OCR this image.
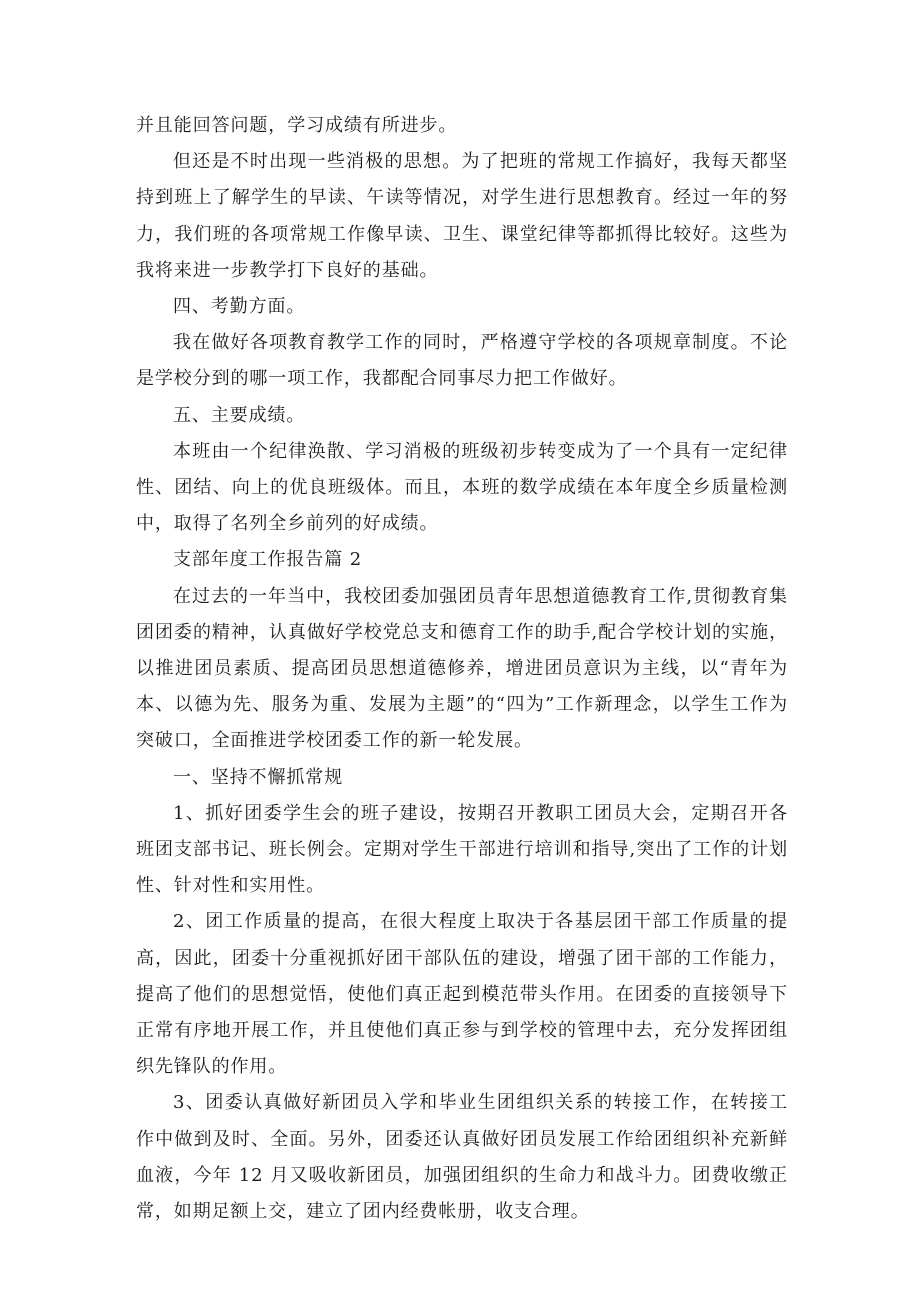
并且能回答问题，学习成绩有所进步。

但还是不时出现一些消极的思想。为了把班的常规工作搞好，我每天都坚持到班上了解学生的早读、午读等情况，对学生进行思想教育。经过一年的努力，我们班的各项常规工作像早读、卫生、课堂纪律等都抓得比较好。这些为我将来进一步教学打下良好的基础。

四、考勤方面。

我在做好各项教育教学工作的同时，严格遵守学校的各项规章制度。不论是学校分到的哪一项工作，我都配合同事尽力把工作做好。

五、主要成绩。

本班由一个纪律涣散、学习消极的班级初步转变成为了一个具有一定纪律性、团结、向上的优良班级体。而且，本班的数学成绩在本年度全乡质量检测中，取得了名列全乡前列的好成绩。

支部年度工作报告篇 2

在过去的一年当中，我校团委加强团员青年思想道德教育工作,贯彻教育集团团委的精神，认真做好学校党总支和德育工作的助手,配合学校计划的实施，以推进团员素质、提高团员思想道德修养，增进团员意识为主线，以“青年为本、以德为先、服务为重、发展为主题”的“四为”工作新理念，以学生工作为突破口，全面推进学校团委工作的新一轮发展。

一、坚持不懈抓常规

1、抓好团委学生会的班子建设，按期召开教职工团员大会，定期召开各班团支部书记、班长例会。定期对学生干部进行培训和指导,突出了工作的计划性、针对性和实用性。

2、团工作质量的提高，在很大程度上取决于各基层团干部工作质量的提高，因此，团委十分重视抓好团干部队伍的建设，增强了团干部的工作能力，提高了他们的思想觉悟，使他们真正起到模范带头作用。在团委的直接领导下正常有序地开展工作，并且使他们真正参与到学校的管理中去，充分发挥团组织先锋队的作用。

3、团委认真做好新团员入学和毕业生团组织关系的转接工作，在转接工作中做到及时、全面。另外，团委还认真做好团员发展工作给团组织补充新鲜血液，今年 12 月又吸收新团员，加强团组织的生命力和战斗力。团费收缴正常，如期足额上交，建立了团内经费帐册，收支合理。
